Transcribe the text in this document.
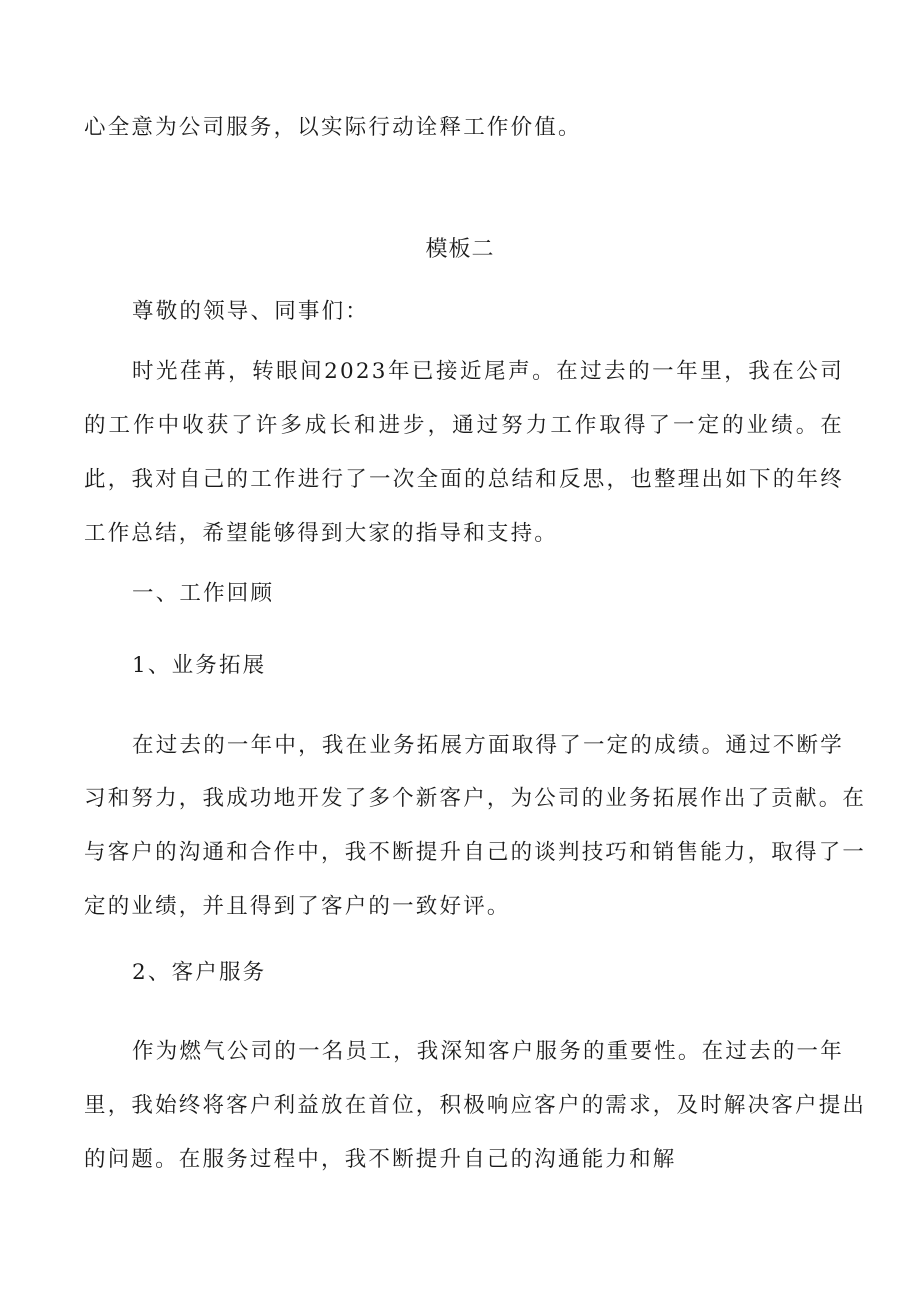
心全意为公司服务，以实际行动诠释工作价值。
模板二
尊敬的领导、同事们：
时光荏苒，转眼间2023年已接近尾声。在过去的一年里，我在公司
的工作中收获了许多成长和进步，通过努力工作取得了一定的业绩。在
此，我对自己的工作进行了一次全面的总结和反思，也整理出如下的年终
工作总结，希望能够得到大家的指导和支持。
一、工作回顾
1、业务拓展
在过去的一年中，我在业务拓展方面取得了一定的成绩。通过不断学
习和努力，我成功地开发了多个新客户，为公司的业务拓展作出了贡献。在
与客户的沟通和合作中，我不断提升自己的谈判技巧和销售能力，取得了一
定的业绩，并且得到了客户的一致好评。
2、客户服务
作为燃气公司的一名员工，我深知客户服务的重要性。在过去的一年
里，我始终将客户利益放在首位，积极响应客户的需求，及时解决客户提出
的问题。在服务过程中，我不断提升自己的沟通能力和解
